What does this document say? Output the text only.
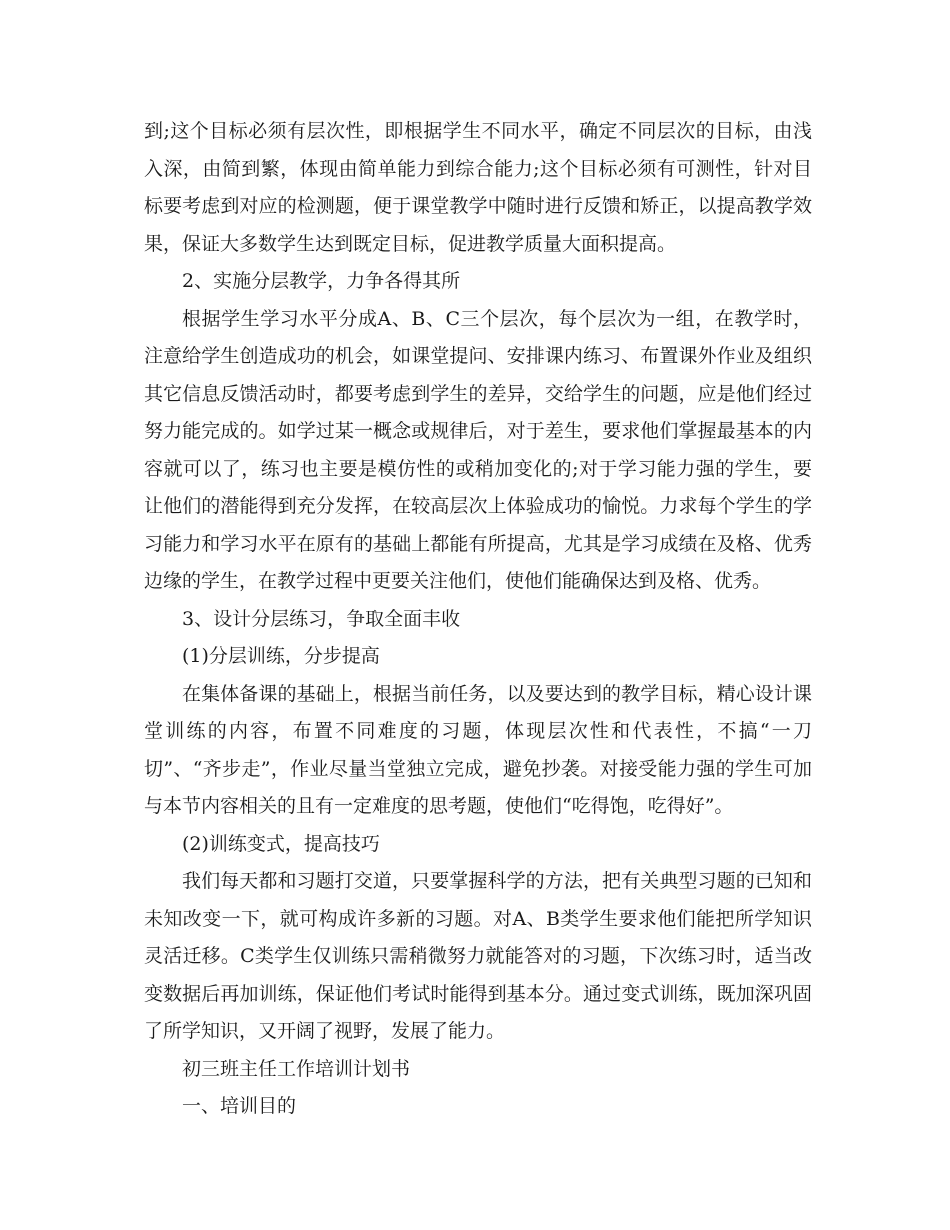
到;这个目标必须有层次性，即根据学生不同水平，确定不同层次的目标，由浅入深，由简到繁，体现由简单能力到综合能力;这个目标必须有可测性，针对目标要考虑到对应的检测题，便于课堂教学中随时进行反馈和矫正，以提高教学效果，保证大多数学生达到既定目标，促进教学质量大面积提高。

2、实施分层教学，力争各得其所

根据学生学习水平分成A、B、C三个层次，每个层次为一组，在教学时，注意给学生创造成功的机会，如课堂提问、安排课内练习、布置课外作业及组织其它信息反馈活动时，都要考虑到学生的差异，交给学生的问题，应是他们经过努力能完成的。如学过某一概念或规律后，对于差生，要求他们掌握最基本的内容就可以了，练习也主要是模仿性的或稍加变化的;对于学习能力强的学生，要让他们的潜能得到充分发挥，在较高层次上体验成功的愉悦。力求每个学生的学习能力和学习水平在原有的基础上都能有所提高，尤其是学习成绩在及格、优秀边缘的学生，在教学过程中更要关注他们，使他们能确保达到及格、优秀。

3、设计分层练习，争取全面丰收

(1)分层训练，分步提高

在集体备课的基础上，根据当前任务，以及要达到的教学目标，精心设计课堂训练的内容，布置不同难度的习题，体现层次性和代表性，不搞“一刀切”、“齐步走”，作业尽量当堂独立完成，避免抄袭。对接受能力强的学生可加与本节内容相关的且有一定难度的思考题，使他们“吃得饱，吃得好”。

(2)训练变式，提高技巧

我们每天都和习题打交道，只要掌握科学的方法，把有关典型习题的已知和未知改变一下，就可构成许多新的习题。对A、B类学生要求他们能把所学知识灵活迁移。C类学生仅训练只需稍微努力就能答对的习题，下次练习时，适当改变数据后再加训练，保证他们考试时能得到基本分。通过变式训练，既加深巩固了所学知识，又开阔了视野，发展了能力。

初三班主任工作培训计划书

一、培训目的
